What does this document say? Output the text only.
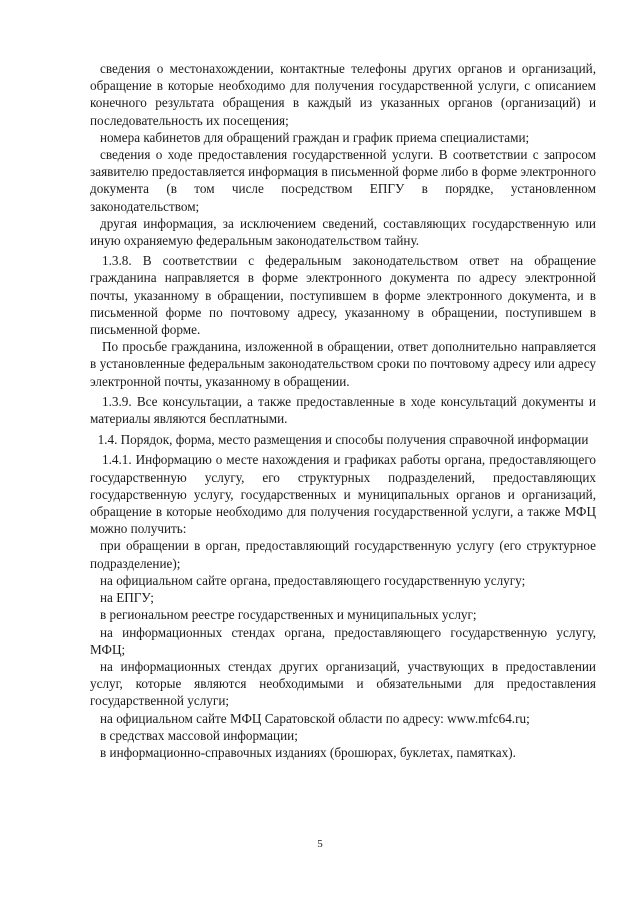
сведения о местонахождении, контактные телефоны других органов и организаций, обращение в которые необходимо для получения государственной услуги, с описанием конечного результата обращения в каждый из указанных органов (организаций) и последовательность их посещения;

номера кабинетов для обращений граждан и график приема специалистами;

сведения о ходе предоставления государственной услуги. В соответствии с запросом заявителю предоставляется информация в письменной форме либо в форме электронного документа (в том числе посредством ЕПГУ в порядке, установленном законодательством;

другая информация, за исключением сведений, составляющих государственную или иную охраняемую федеральным законодательством тайну.

1.3.8. В соответствии с федеральным законодательством ответ на обращение гражданина направляется в форме электронного документа по адресу электронной почты, указанному в обращении, поступившем в форме электронного документа, и в письменной форме по почтовому адресу, указанному в обращении, поступившем в письменной форме.

По просьбе гражданина, изложенной в обращении, ответ дополнительно направляется в установленные федеральным законодательством сроки по почтовому адресу или адресу электронной почты, указанному в обращении.

1.3.9. Все консультации, а также предоставленные в ходе консультаций документы и материалы являются бесплатными.

1.4. Порядок, форма, место размещения и способы получения справочной информации

1.4.1. Информацию о месте нахождения и графиках работы органа, предоставляющего государственную услугу, его структурных подразделений, предоставляющих государственную услугу, государственных и муниципальных органов и организаций, обращение в которые необходимо для получения государственной услуги, а также МФЦ можно получить:

при обращении в орган, предоставляющий государственную услугу (его структурное подразделение);

на официальном сайте органа, предоставляющего государственную услугу;

на ЕПГУ;

в региональном реестре государственных и муниципальных услуг;

на информационных стендах органа, предоставляющего государственную услугу, МФЦ;

на информационных стендах других организаций, участвующих в предоставлении услуг, которые являются необходимыми и обязательными для предоставления государственной услуги;

на официальном сайте МФЦ Саратовской области по адресу: www.mfc64.ru;

в средствах массовой информации;

в информационно-справочных изданиях (брошюрах, буклетах, памятках).

5
